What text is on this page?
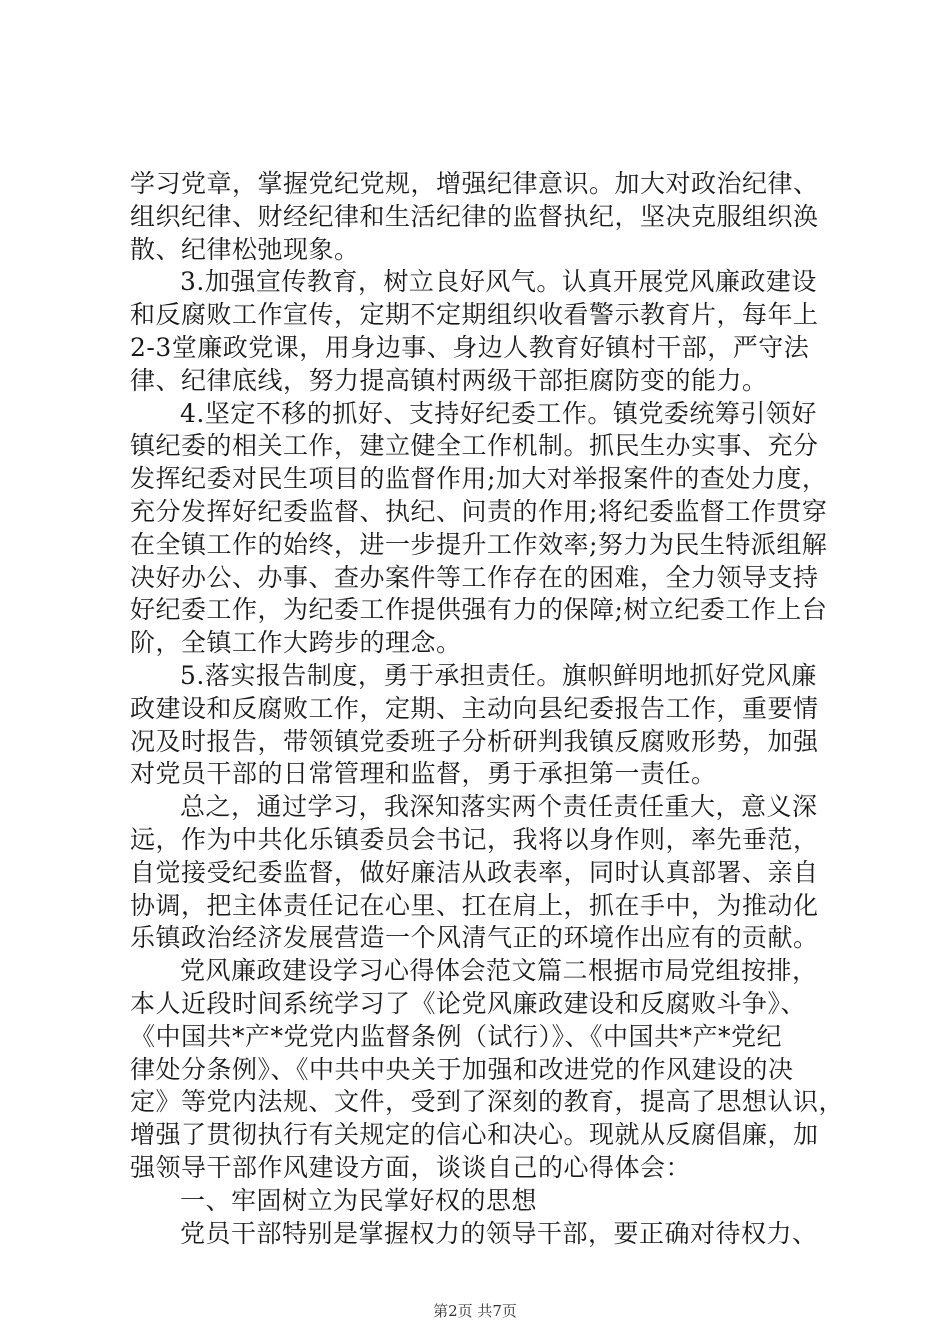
学习党章，掌握党纪党规，增强纪律意识。加大对政治纪律、
组织纪律、财经纪律和生活纪律的监督执纪，坚决克服组织涣
散、纪律松弛现象。
3.加强宣传教育，树立良好风气。认真开展党风廉政建设
和反腐败工作宣传，定期不定期组织收看警示教育片，每年上
2-3堂廉政党课，用身边事、身边人教育好镇村干部，严守法
律、纪律底线，努力提高镇村两级干部拒腐防变的能力。
4.坚定不移的抓好、支持好纪委工作。镇党委统筹引领好
镇纪委的相关工作，建立健全工作机制。抓民生办实事、充分
发挥纪委对民生项目的监督作用;加大对举报案件的查处力度，
充分发挥好纪委监督、执纪、问责的作用;将纪委监督工作贯穿
在全镇工作的始终，进一步提升工作效率;努力为民生特派组解
决好办公、办事、查办案件等工作存在的困难，全力领导支持
好纪委工作，为纪委工作提供强有力的保障;树立纪委工作上台
阶，全镇工作大跨步的理念。
5.落实报告制度，勇于承担责任。旗帜鲜明地抓好党风廉
政建设和反腐败工作，定期、主动向县纪委报告工作，重要情
况及时报告，带领镇党委班子分析研判我镇反腐败形势，加强
对党员干部的日常管理和监督，勇于承担第一责任。
总之，通过学习，我深知落实两个责任责任重大，意义深
远，作为中共化乐镇委员会书记，我将以身作则，率先垂范，
自觉接受纪委监督，做好廉洁从政表率，同时认真部署、亲自
协调，把主体责任记在心里、扛在肩上，抓在手中，为推动化
乐镇政治经济发展营造一个风清气正的环境作出应有的贡献。
党风廉政建设学习心得体会范文篇二根据市局党组按排，
本人近段时间系统学习了《论党风廉政建设和反腐败斗争》、
《中国共*产*党党内监督条例（试行）》、《中国共*产*党纪
律处分条例》、《中共中央关于加强和改进党的作风建设的决
定》等党内法规、文件，受到了深刻的教育，提高了思想认识，
增强了贯彻执行有关规定的信心和决心。现就从反腐倡廉，加
强领导干部作风建设方面，谈谈自己的心得体会：
一、牢固树立为民掌好权的思想
党员干部特别是掌握权力的领导干部，要正确对待权力、
第2页 共7页
